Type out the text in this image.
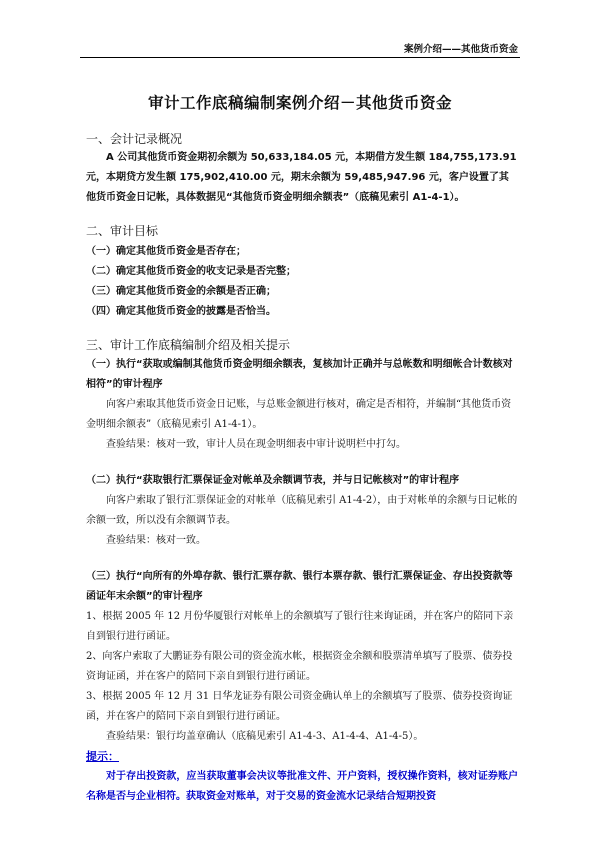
案例介绍——其他货币资金
审计工作底稿编制案例介绍－其他货币资金
一、会计记录概况
A 公司其他货币资金期初余额为 50,633,184.05 元，本期借方发生额 184,755,173.91 元，本期贷方发生额 175,902,410.00 元，期末余额为 59,485,947.96 元，客户设置了其他货币资金日记帐，具体数据见“其他货币资金明细余额表”（底稿见索引 A1-4-1）。
二、审计目标
（一）确定其他货币资金是否存在；
（二）确定其他货币资金的收支记录是否完整；
（三）确定其他货币资金的余额是否正确；
（四）确定其他货币资金的披露是否恰当。
三、审计工作底稿编制介绍及相关提示
（一）执行“获取或编制其他货币资金明细余额表，复核加计正确并与总帐数和明细帐合计数核对相符”的审计程序
向客户索取其他货币资金日记账，与总账金额进行核对，确定是否相符，并编制“其他货币资金明细余额表”（底稿见索引 A1-4-1）。
查验结果：核对一致，审计人员在现金明细表中审计说明栏中打勾。
（二）执行“获取银行汇票保证金对帐单及余额调节表，并与日记帐核对”的审计程序
向客户索取了银行汇票保证金的对帐单（底稿见索引 A1-4-2），由于对帐单的余额与日记帐的余额一致，所以没有余额调节表。
查验结果：核对一致。
（三）执行“向所有的外埠存款、银行汇票存款、银行本票存款、银行汇票保证金、存出投资款等函证年末余额”的审计程序
1、根据 2005 年 12 月份华厦银行对帐单上的余额填写了银行往来询证函，并在客户的陪同下亲自到银行进行函证。
2、向客户索取了大鹏证券有限公司的资金流水帐，根据资金余额和股票清单填写了股票、债券投资询证函，并在客户的陪同下亲自到银行进行函证。
3、根据 2005 年 12 月 31 日华龙证券有限公司资金确认单上的余额填写了股票、债券投资询证函，并在客户的陪同下亲自到银行进行函证。
查验结果：银行均盖章确认（底稿见索引 A1-4-3、A1-4-4、A1-4-5）。
提示：
对于存出投资款，应当获取董事会决议等批准文件、开户资料，授权操作资料，核对证券账户名称是否与企业相符。获取资金对账单，对于交易的资金流水记录结合短期投资
